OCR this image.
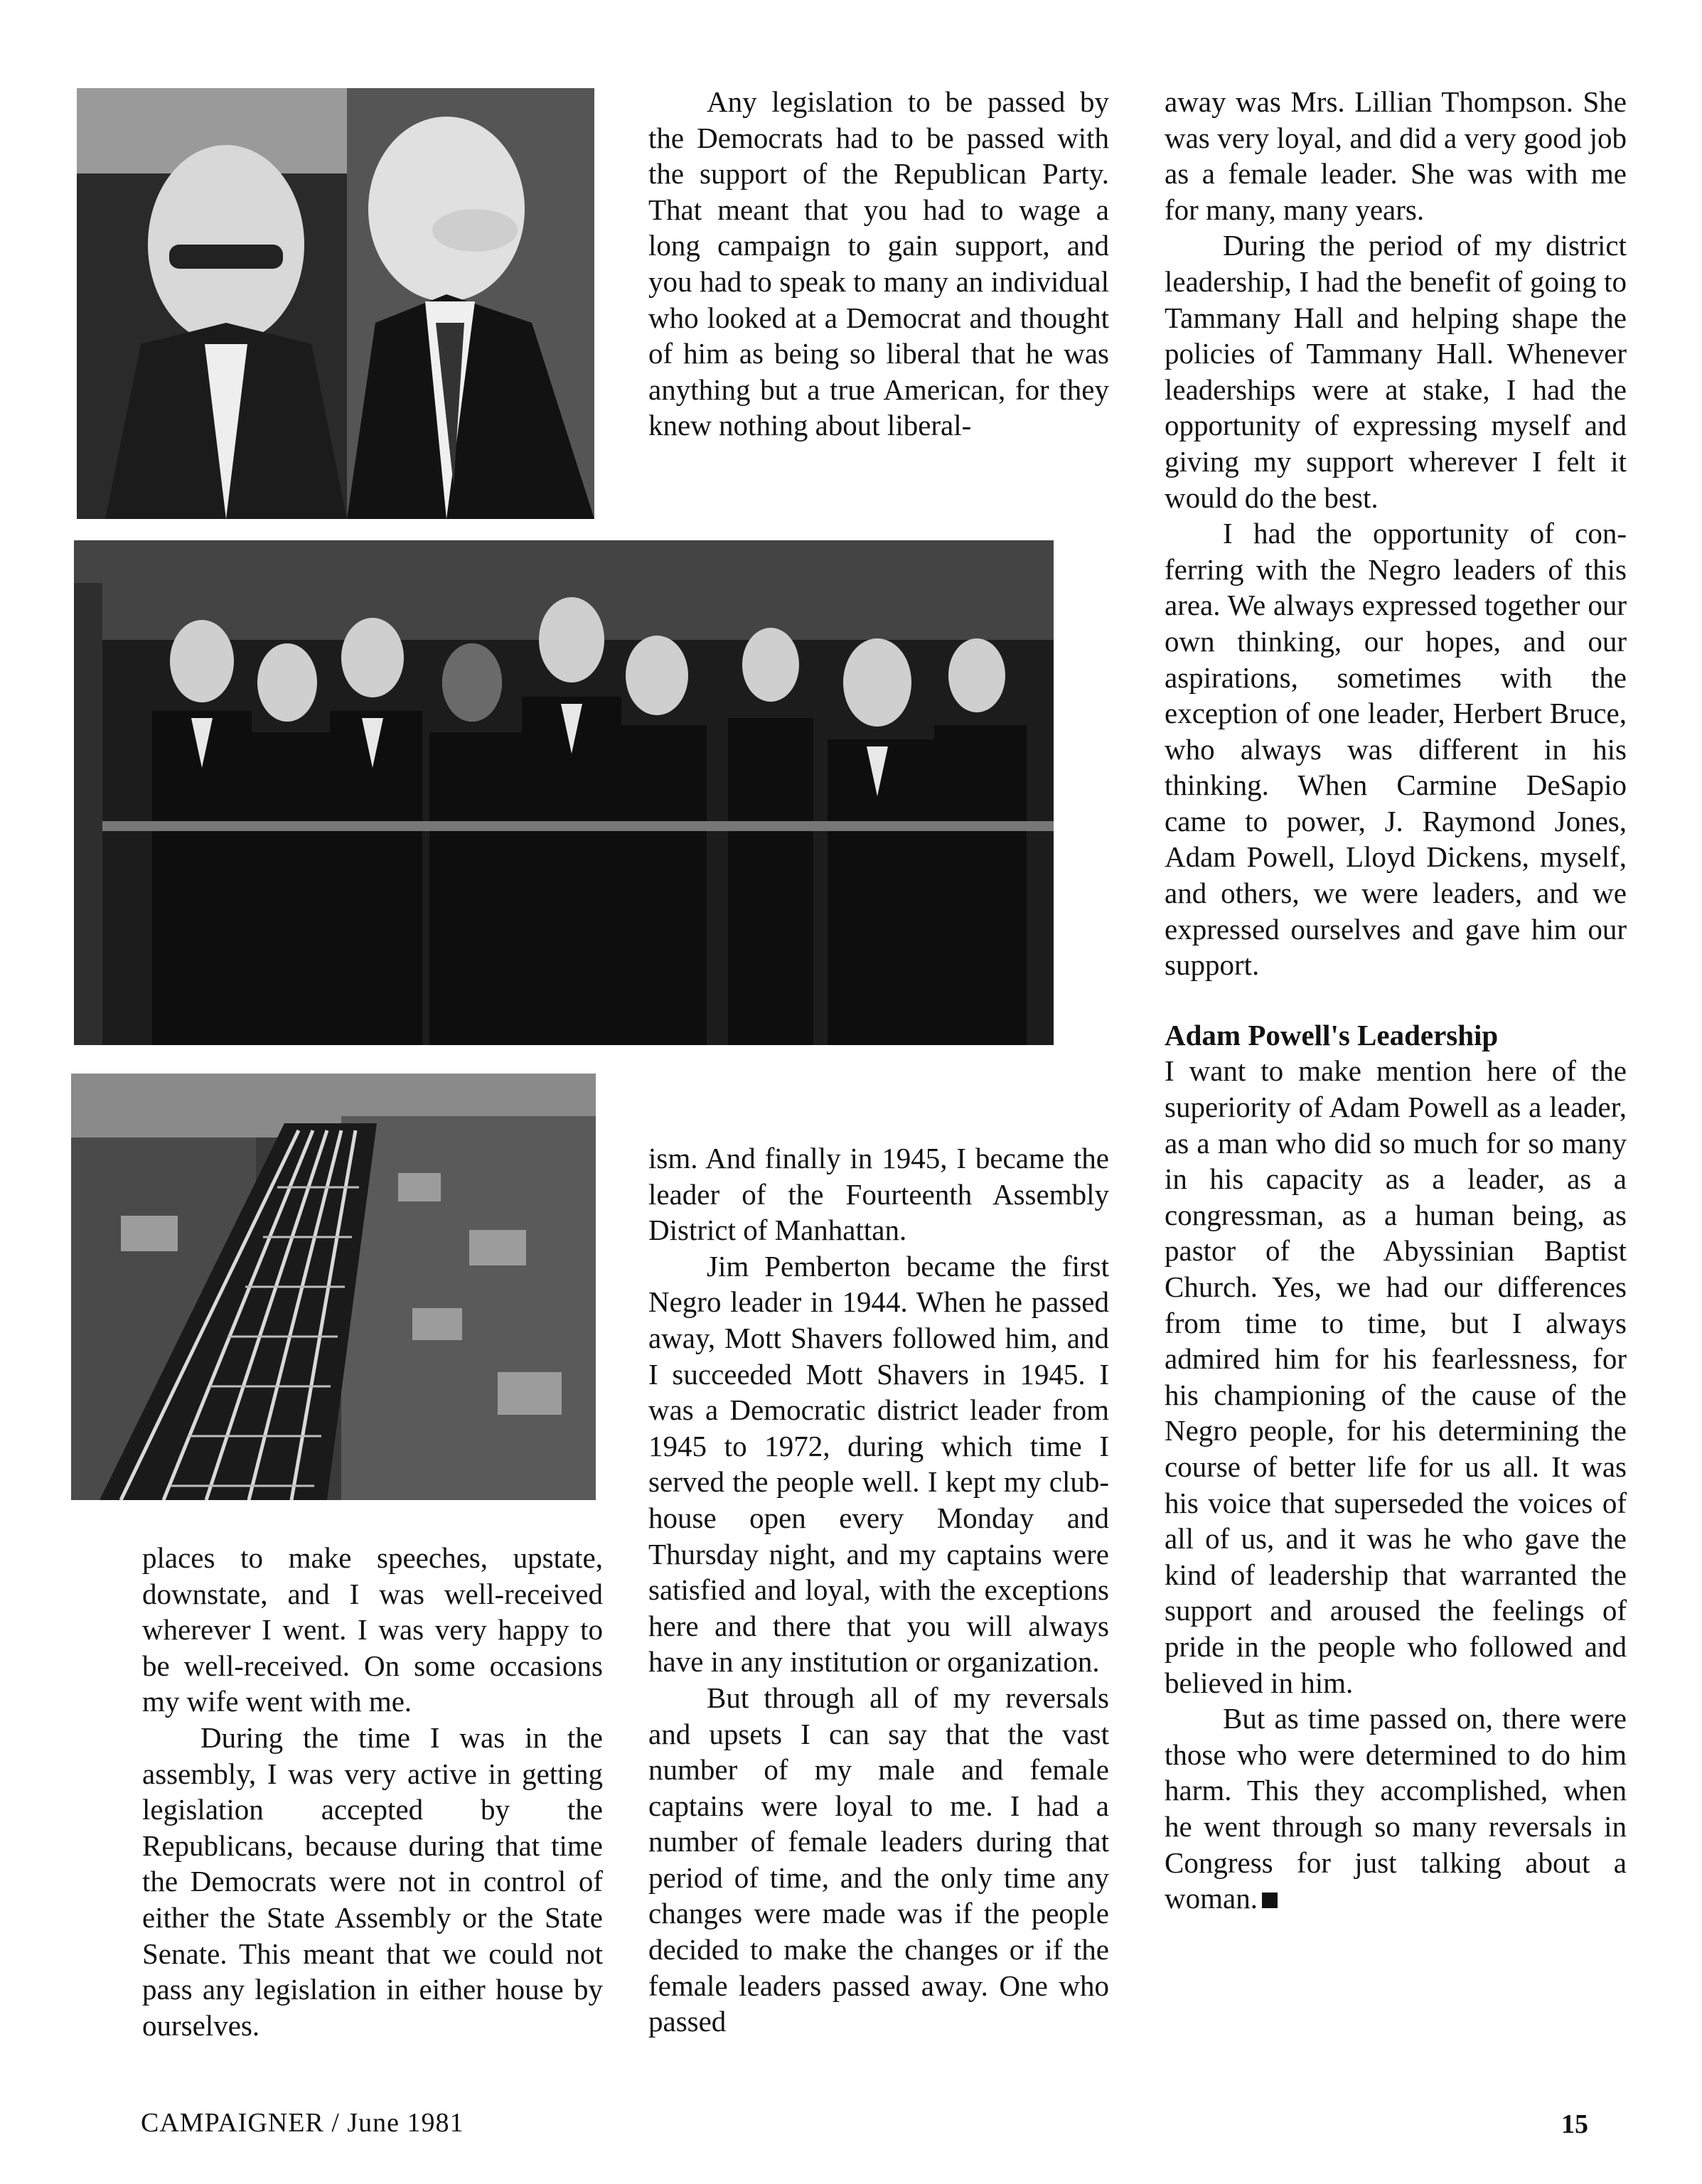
Any legislation to be passed by the Democrats had to be passed with the support of the Republican Party. That meant that you had to wage a long campaign to gain support, and you had to speak to many an individual who looked at a Democrat and thought of him as being so liberal that he was anything but a true American, for they knew nothing about liberal-

away was Mrs. Lillian Thompson. She was very loyal, and did a very good job as a female leader. She was with me for many, many years.

During the period of my district leadership, I had the benefit of going to Tammany Hall and helping shape the policies of Tammany Hall. Whenever leaderships were at stake, I had the opportunity of expressing myself and giving my support wherever I felt it would do the best.

I had the opportunity of conferring with the Negro leaders of this area. We always expressed together our own thinking, our hopes, and our aspirations, sometimes with the exception of one leader, Herbert Bruce, who always was different in his thinking. When Carmine DeSapio came to power, J. Raymond Jones, Adam Powell, Lloyd Dickens, myself, and others, we were leaders, and we expressed ourselves and gave him our support.

Adam Powell's Leadership

I want to make mention here of the superiority of Adam Powell as a leader, as a man who did so much for so many in his capacity as a leader, as a congressman, as a human being, as pastor of the Abyssinian Baptist Church. Yes, we had our differences from time to time, but I always admired him for his fearlessness, for his championing of the cause of the Negro people, for his determining the course of better life for us all. It was his voice that superseded the voices of all of us, and it was he who gave the kind of leadership that warranted the support and aroused the feelings of pride in the people who followed and believed in him.

But as time passed on, there were those who were determined to do him harm. This they accomplished, when he went through so many reversals in Congress for just talking about a woman.

ism. And finally in 1945, I became the leader of the Fourteenth Assembly District of Manhattan.

Jim Pemberton became the first Negro leader in 1944. When he passed away, Mott Shavers followed him, and I succeeded Mott Shavers in 1945. I was a Democratic district leader from 1945 to 1972, during which time I served the people well. I kept my clubhouse open every Monday and Thursday night, and my captains were satisfied and loyal, with the exceptions here and there that you will always have in any institution or organization.

But through all of my reversals and upsets I can say that the vast number of my male and female captains were loyal to me. I had a number of female leaders during that period of time, and the only time any changes were made was if the people decided to make the changes or if the female leaders passed away. One who passed

places to make speeches, upstate, downstate, and I was well-received wherever I went. I was very happy to be well-received. On some occasions my wife went with me.

During the time I was in the assembly, I was very active in getting legislation accepted by the Republicans, because during that time the Democrats were not in control of either the State Assembly or the State Senate. This meant that we could not pass any legislation in either house by ourselves.

CAMPAIGNER / June 1981	15
